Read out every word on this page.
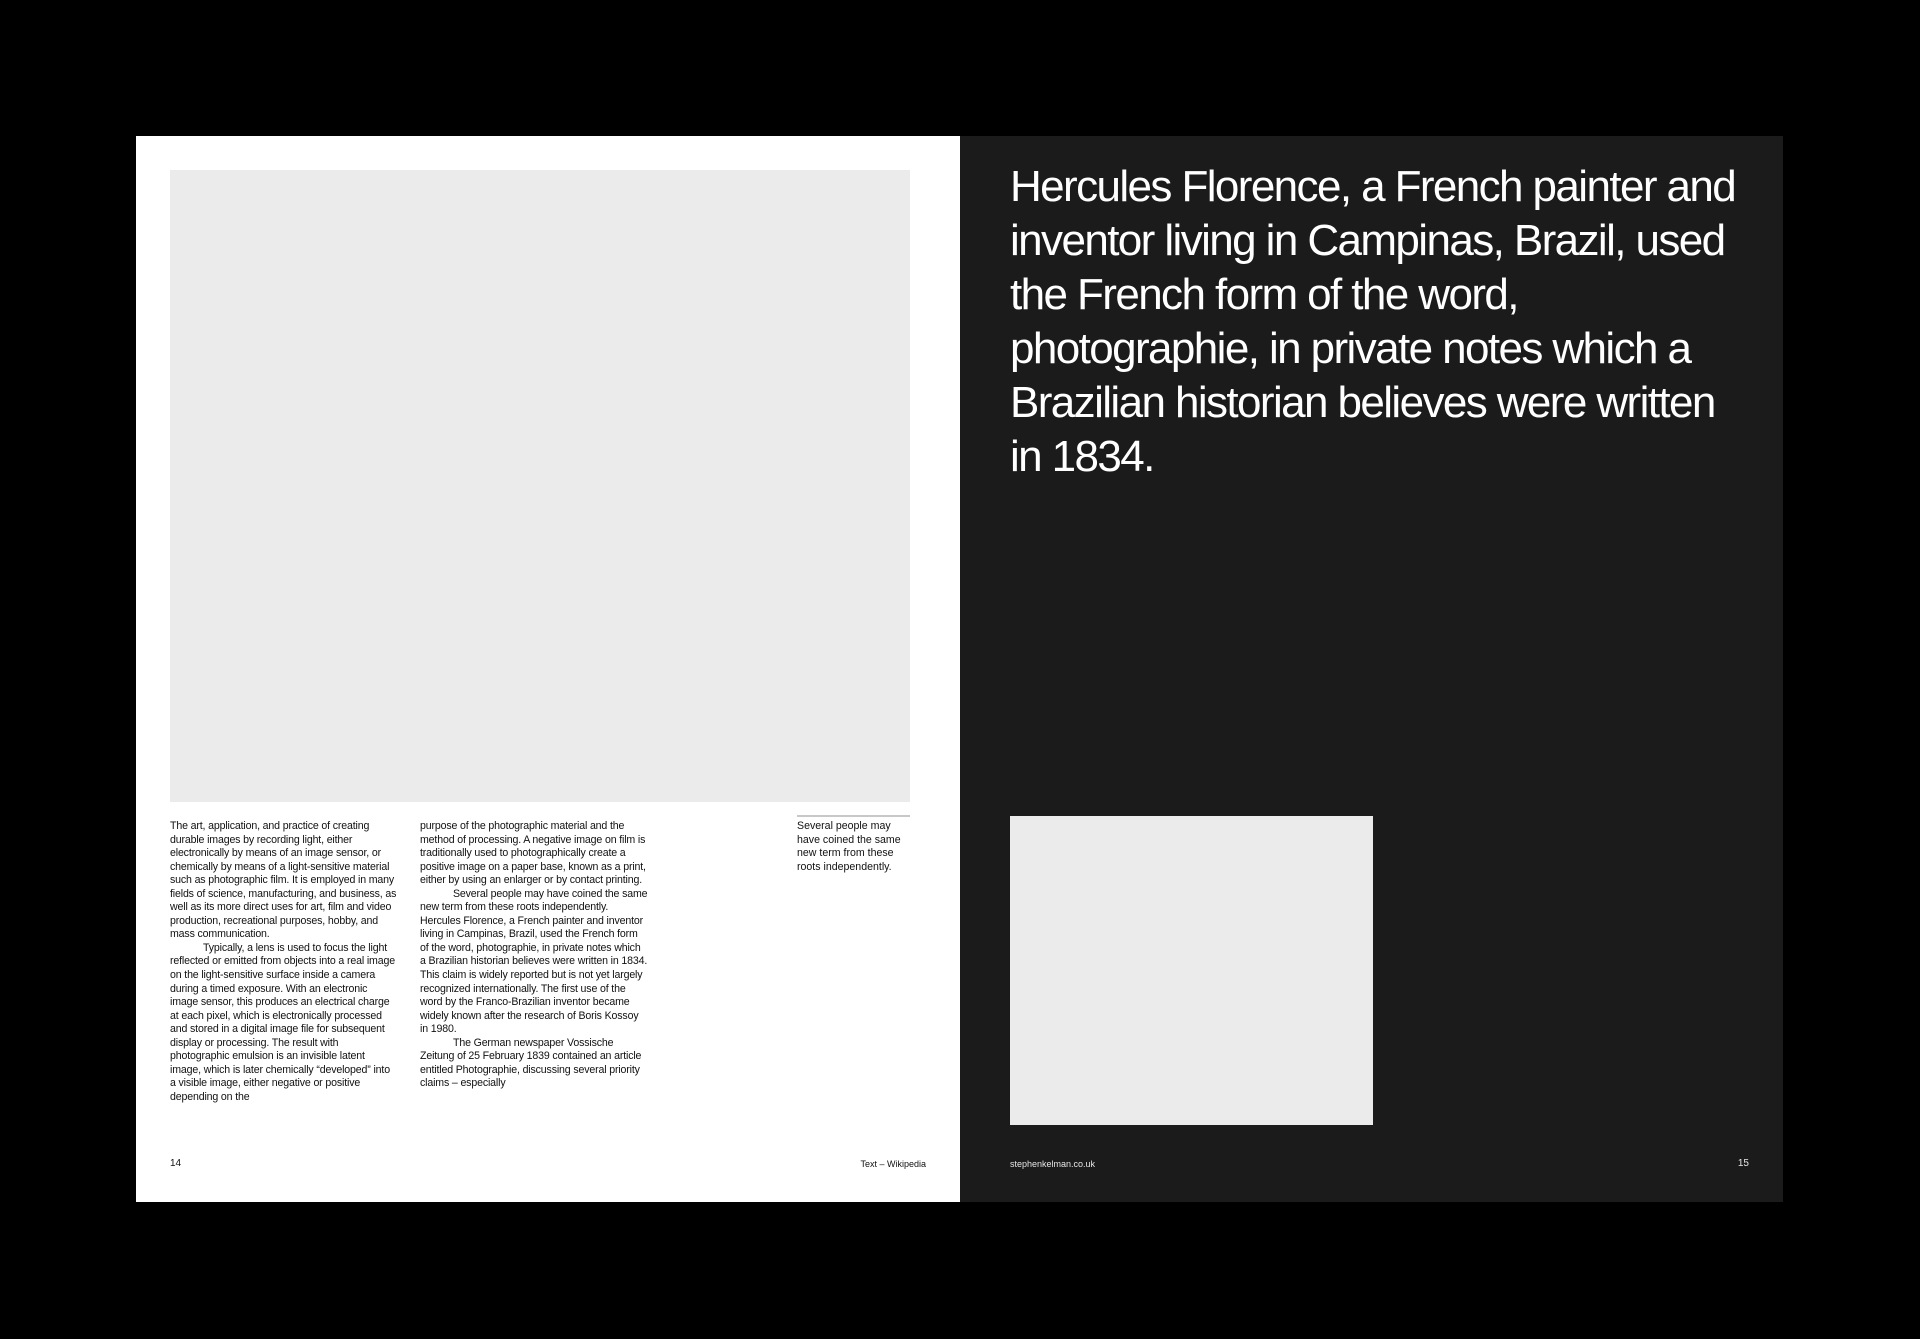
The art, application, and practice of creating durable images by recording light, either electronically by means of an image sensor, or chemically by means of a light-sensitive material such as photographic film. It is employed in many fields of science, manufacturing, and business, as well as its more direct uses for art, film and video production, recreational purposes, hobby, and mass communication.

Typically, a lens is used to focus the light reflected or emitted from objects into a real image on the light-sensitive surface inside a camera during a timed exposure. With an electronic image sensor, this produces an electrical charge at each pixel, which is electronically processed and stored in a digital image file for subsequent display or processing. The result with photographic emulsion is an invisible latent image, which is later chemically “developed” into a visible image, either negative or positive depending on the

purpose of the photographic material and the method of processing. A negative image on film is traditionally used to photographically create a positive image on a paper base, known as a print, either by using an enlarger or by contact printing.

Several people may have coined the same new term from these roots independently. Hercules Florence, a French painter and inventor living in Campinas, Brazil, used the French form of the word, photographie, in private notes which a Brazilian historian believes were written in 1834. This claim is widely reported but is not yet largely recognized internationally. The first use of the word by the Franco-Brazilian inventor became widely known after the research of Boris Kossoy in 1980.

The German newspaper Vossische Zeitung of 25 February 1839 contained an article entitled Photographie, discussing several priority claims – especially

Several people may have coined the same new term from these roots independently.
14	Text – Wikipedia
Hercules Florence, a French painter and inventor living in Campinas, Brazil, used the French form of the word, photographie, in private notes which a Brazilian historian believes were written in 1834.
stephenkelman.co.uk	15
